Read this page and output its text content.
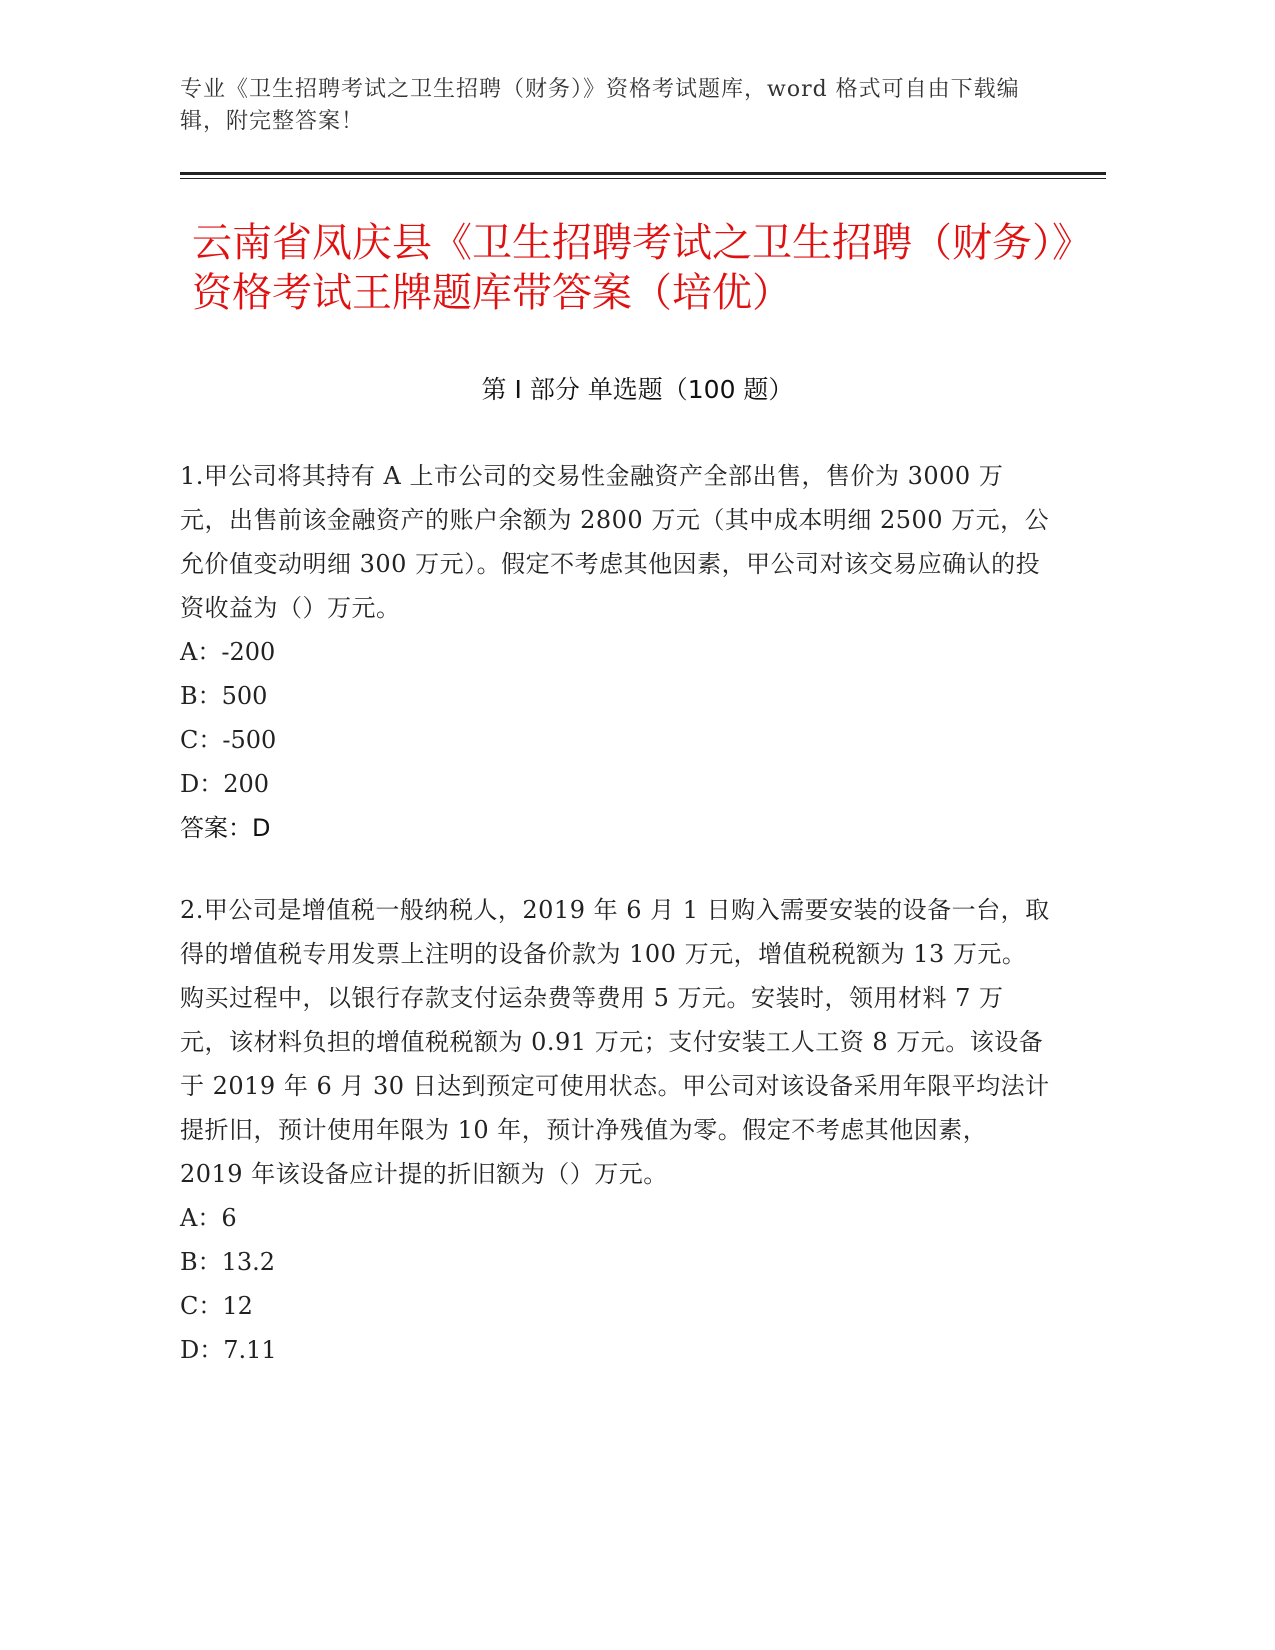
专业《卫生招聘考试之卫生招聘（财务）》资格考试题库，word 格式可自由下载编辑，附完整答案！
云南省凤庆县《卫生招聘考试之卫生招聘（财务）》资格考试王牌题库带答案（培优）
第 I 部分 单选题（100 题）

1.甲公司将其持有 A 上市公司的交易性金融资产全部出售，售价为 3000 万元，出售前该金融资产的账户余额为 2800 万元（其中成本明细 2500 万元，公允价值变动明细 300 万元）。假定不考虑其他因素，甲公司对该交易应确认的投资收益为（）万元。

A：-200

B：500

C：-500

D：200

答案：D

2.甲公司是增值税一般纳税人，2019 年 6 月 1 日购入需要安装的设备一台，取得的增值税专用发票上注明的设备价款为 100 万元，增值税税额为 13 万元。购买过程中，以银行存款支付运杂费等费用 5 万元。安装时，领用材料 7 万元，该材料负担的增值税税额为 0.91 万元；支付安装工人工资 8 万元。该设备于 2019 年 6 月 30 日达到预定可使用状态。甲公司对该设备采用年限平均法计提折旧，预计使用年限为 10 年，预计净残值为零。假定不考虑其他因素，2019 年该设备应计提的折旧额为（）万元。

A：6

B：13.2

C：12

D：7.11
